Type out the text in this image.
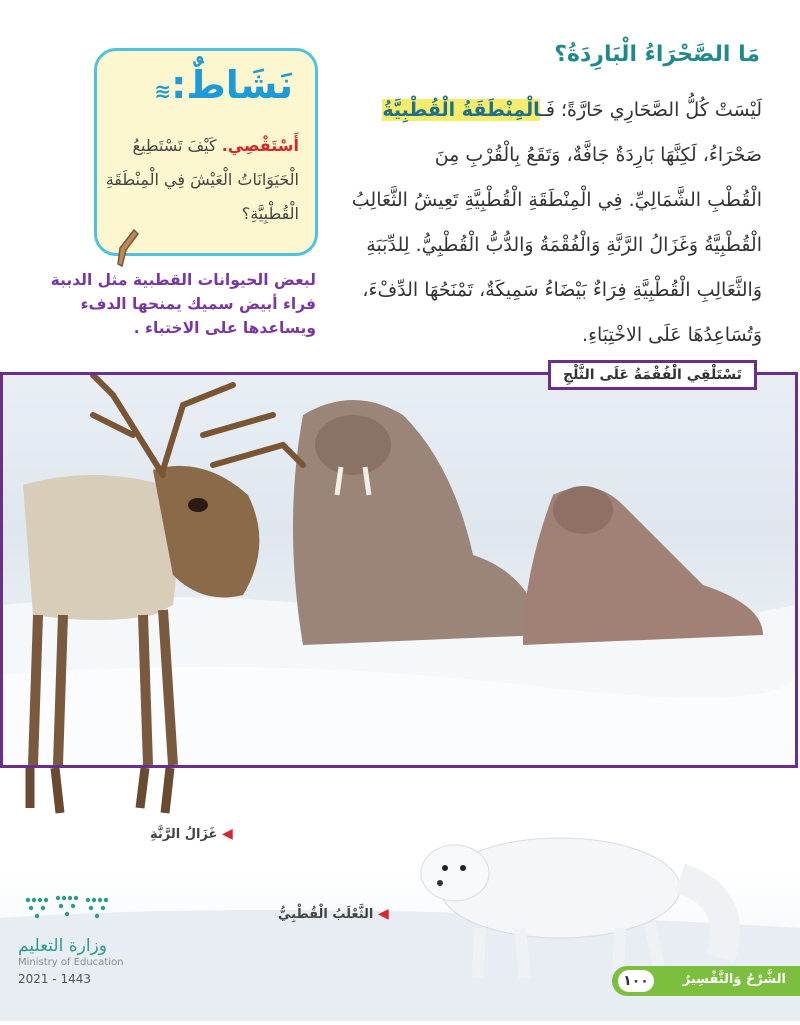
مَا الصَّحْرَاءُ الْبَارِدَةُ؟
لَيْسَتْ كُلُّ الصَّحَارِي حَارَّةً؛ فَـالْمِنْطَقَةُ الْقُطْبِيَّةُ
صَحْرَاءُ، لَكِنَّهَا بَارِدَةٌ جَافَّةٌ، وَتَقَعُ بِالْقُرْبِ مِنَ
الْقُطْبِ الشَّمَالِيِّ. فِي الْمِنْطَقَةِ الْقُطْبِيَّةِ تَعِيشُ الثَّعَالِبُ
الْقُطْبِيَّةُ وَغَزَالُ الرَّنَّةِ وَالْفُقْمَةُ وَالدُّبُّ الْقُطْبِيُّ. لِلدِّبَبَةِ
وَالثَّعَالِبِ الْقُطْبِيَّةِ فِرَاءٌ بَيْضَاءُ سَمِيكَةٌ، تَمْنَحُهَا الدِّفْءَ،
وَتُسَاعِدُهَا عَلَى الاخْتِبَاءِ.
نَشَاطٌ:≋
أَسْتَقْصِي. كَيْفَ تَسْتَطِيعُ الْحَيَوَانَاتُ الْعَيْشَ فِي الْمِنْطَقَةِ الْقُطْبِيَّةِ؟
لبعض الحيوانات القطبية مثل الدببة فراء أبيض سميك يمنحها الدفء ويساعدها على الاختباء .
تَسْتَلْقِي الْفُقْمَةُ عَلَى الثَّلْجِ
◀ غَزَالُ الرَّنَّةِ
◀ الثَّعْلَبُ الْقُطْبِيُّ
وزارة التعليم
Ministry of Education
2021 - 1443	١٠٠	الشَّرْحُ وَالتَّفْسِيرُ
